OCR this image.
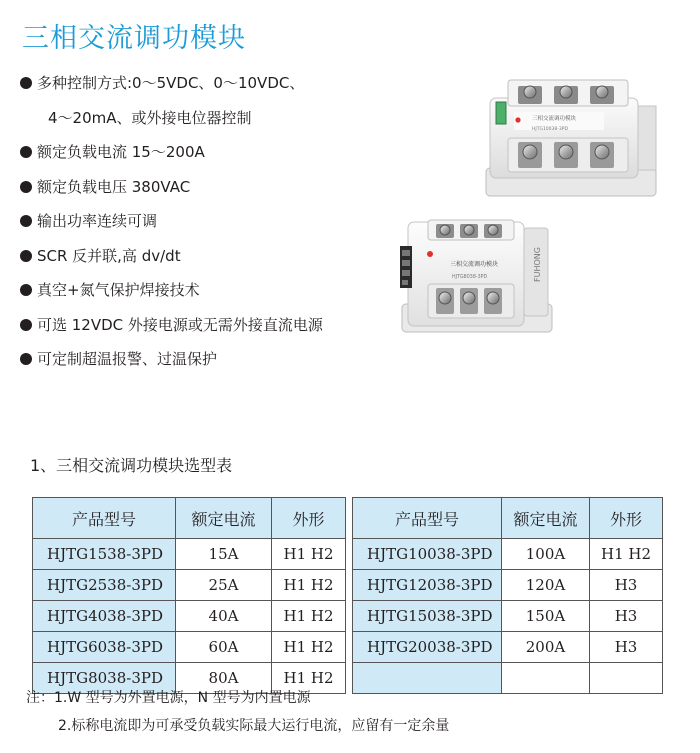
三相交流调功模块
多种控制方式:0～5VDC、0～10VDC、
4～20mA、或外接电位器控制
额定负载电流 15～200A
额定负载电压 380VAC
输出功率连续可调
SCR 反并联,高 dv/dt
真空+氮气保护焊接技术
可选 12VDC 外接电源或无需外接直流电源
可定制超温报警、过温保护
三相交流调功模块
HJTG10038-3PD
三相交流调功模块
HJTG8038-3PD	FUHONG
1、三相交流调功模块选型表
产品型号	额定电流	外形
HJTG1538-3PD	15A	H1 H2
HJTG2538-3PD	25A	H1 H2
HJTG4038-3PD	40A	H1 H2
HJTG6038-3PD	60A	H1 H2
HJTG8038-3PD	80A	H1 H2
产品型号	额定电流	外形
HJTG10038-3PD	100A	H1 H2
HJTG12038-3PD	120A	H3
HJTG15038-3PD	150A	H3
HJTG20038-3PD	200A	H3

注：1.W 型号为外置电源，N 型号为内置电源
2.标称电流即为可承受负载实际最大运行电流，应留有一定余量
